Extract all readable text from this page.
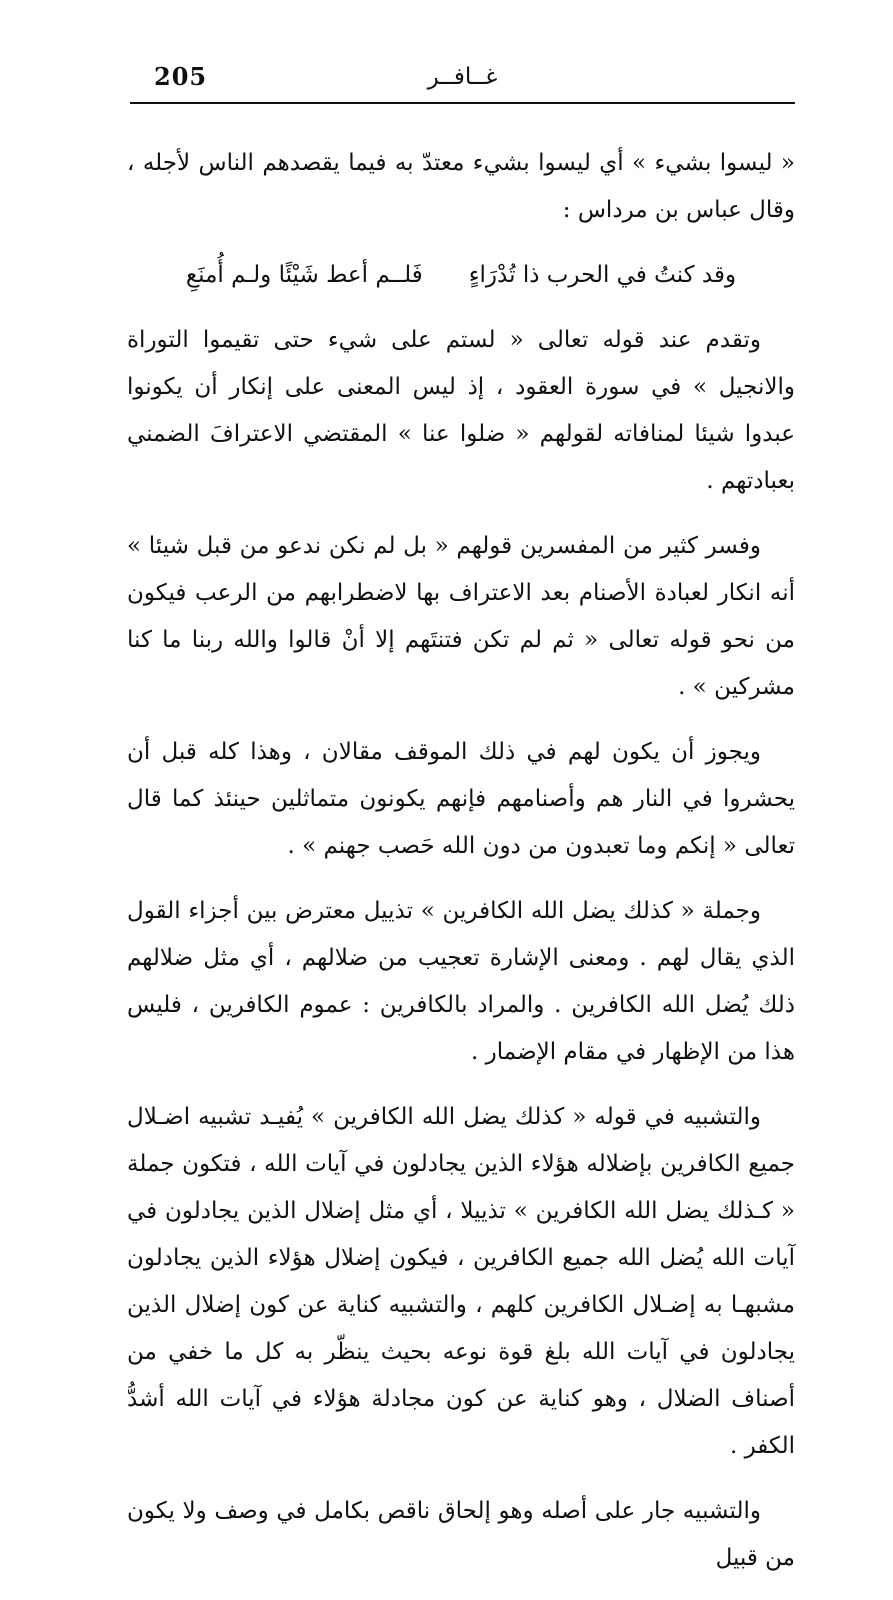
205	غــافــر

« ليسوا بشيء » أي ليسوا بشيء معتدّ به فيما يقصدهم الناس لأجله ، وقال عباس بن مرداس :

وقد كنتُ في الحرب ذا تُدْرَاءٍ
فَلــم أعط شَيْئًا ولـم أُمنَعِ

وتقدم عند قوله تعالى « لستم على شيء حتى تقيموا التوراة والانجيل » في سورة العقود ، إذ ليس المعنى على إنكار أن يكونوا عبدوا شيئا لمنافاته لقولهم « ضلوا عنا » المقتضي الاعترافَ الضمني بعبادتهم .

وفسر كثير من المفسرين قولهم « بل لم نكن ندعو من قبل شيئا » أنه انكار لعبادة الأصنام بعد الاعتراف بها لاضطرابهم من الرعب فيكون من نحو قوله تعالى « ثم لم تكن فتنتَهم إلا أنْ قالوا والله ربنا ما كنا مشركين » .

ويجوز أن يكون لهم في ذلك الموقف مقالان ، وهذا كله قبل أن يحشروا في النار هم وأصنامهم فإنهم يكونون متماثلين حينئذ كما قال تعالى « إنكم وما تعبدون من دون الله حَصب جهنم » .

وجملة « كذلك يضل الله الكافرين » تذييل معترض بين أجزاء القول الذي يقال لهم . ومعنى الإشارة تعجيب من ضلالهم ، أي مثل ضلالهم ذلك يُضل الله الكافرين . والمراد بالكافرين : عموم الكافرين ، فليس هذا من الإظهار في مقام الإضمار .

والتشبيه في قوله « كذلك يضل الله الكافرين » يُفيـد تشبيه اضـلال جميع الكافرين بإضلاله هؤلاء الذين يجادلون في آيات الله ، فتكون جملة « كـذلك يضل الله الكافرين » تذييلا ، أي مثل إضلال الذين يجادلون في آيات الله يُضل الله جميع الكافرين ، فيكون إضلال هؤلاء الذين يجادلون مشبهـا به إضـلال الكافرين كلهم ، والتشبيه كناية عن كون إضلال الذين يجادلون في آيات الله بلغ قوة نوعه بحيث ينظّر به كل ما خفي من أصناف الضلال ، وهو كناية عن كون مجادلة هؤلاء في آيات الله أشدُّ الكفر .

والتشبيه جار على أصله وهو إلحاق ناقص بكامل في وصف ولا يكون من قبيل
